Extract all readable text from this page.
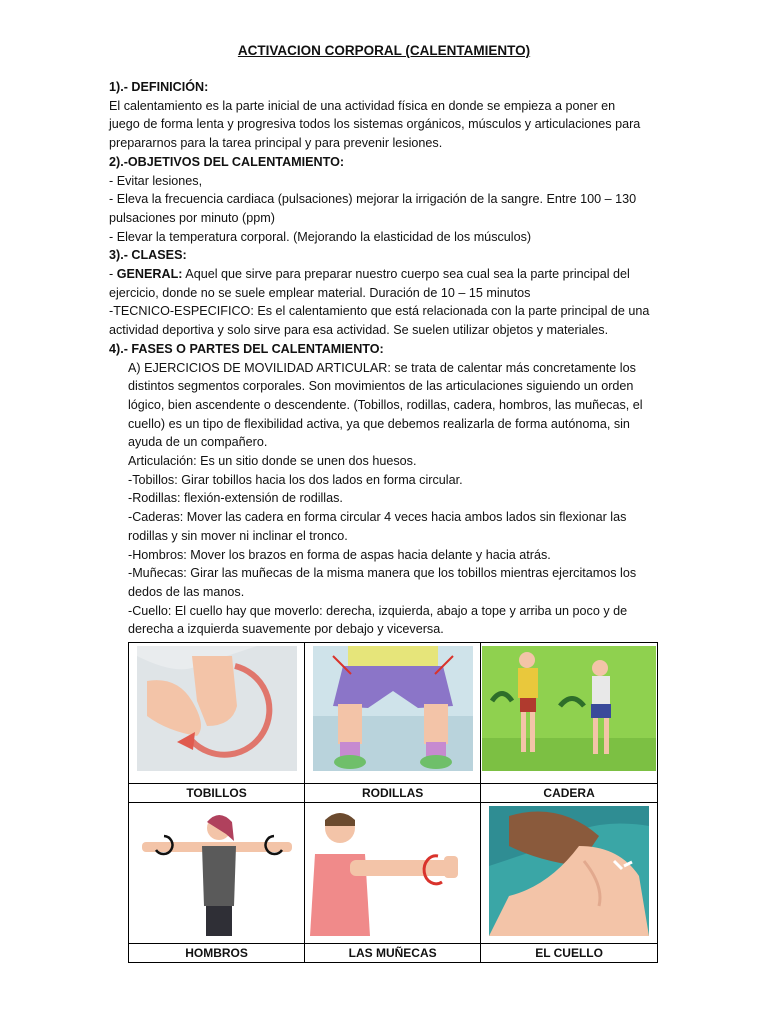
ACTIVACION CORPORAL (CALENTAMIENTO)

1).- DEFINICIÓN:

El calentamiento es la parte inicial de una actividad física en donde se empieza a poner en

juego de forma lenta y progresiva todos los sistemas orgánicos, músculos y articulaciones para

prepararnos para la tarea principal y para prevenir lesiones.

2).-OBJETIVOS DEL CALENTAMIENTO:

- Evitar lesiones,

- Eleva la frecuencia cardiaca (pulsaciones) mejorar la irrigación de la sangre. Entre 100 – 130

pulsaciones por minuto (ppm)

- Elevar la temperatura corporal. (Mejorando la elasticidad de los músculos)

3).- CLASES:

- GENERAL: Aquel que sirve para preparar nuestro cuerpo sea cual sea la parte principal del

ejercicio, donde no se suele emplear material. Duración de 10 – 15 minutos

-TECNICO-ESPECIFICO: Es el calentamiento que está relacionada con la parte principal de una

actividad deportiva y solo sirve para esa actividad. Se suelen utilizar objetos y materiales.

4).- FASES O PARTES DEL CALENTAMIENTO:

A) EJERCICIOS DE MOVILIDAD ARTICULAR: se trata de calentar más concretamente los

distintos segmentos corporales. Son movimientos de las articulaciones siguiendo un orden

lógico, bien ascendente o descendente. (Tobillos, rodillas, cadera, hombros, las muñecas, el

cuello) es un tipo de flexibilidad activa, ya que debemos realizarla de forma autónoma, sin

ayuda de un compañero.

Articulación: Es un sitio donde se unen dos huesos.

-Tobillos: Girar tobillos hacia los dos lados en forma circular.

-Rodillas: flexión-extensión de rodillas.

-Caderas: Mover las cadera en forma circular 4 veces hacia ambos lados sin flexionar las

rodillas y sin mover ni inclinar el tronco.

-Hombros: Mover los brazos en forma de aspas hacia delante y hacia atrás.

-Muñecas: Girar las muñecas de la misma manera que los tobillos mientras ejercitamos los

dedos de las manos.

-Cuello: El cuello hay que moverlo: derecha, izquierda, abajo a tope y arriba un poco y de

derecha a izquierda suavemente por debajo y viceversa.

TOBILLOS	RODILLAS	CADERA

HOMBROS	LAS MUÑECAS	EL CUELLO
